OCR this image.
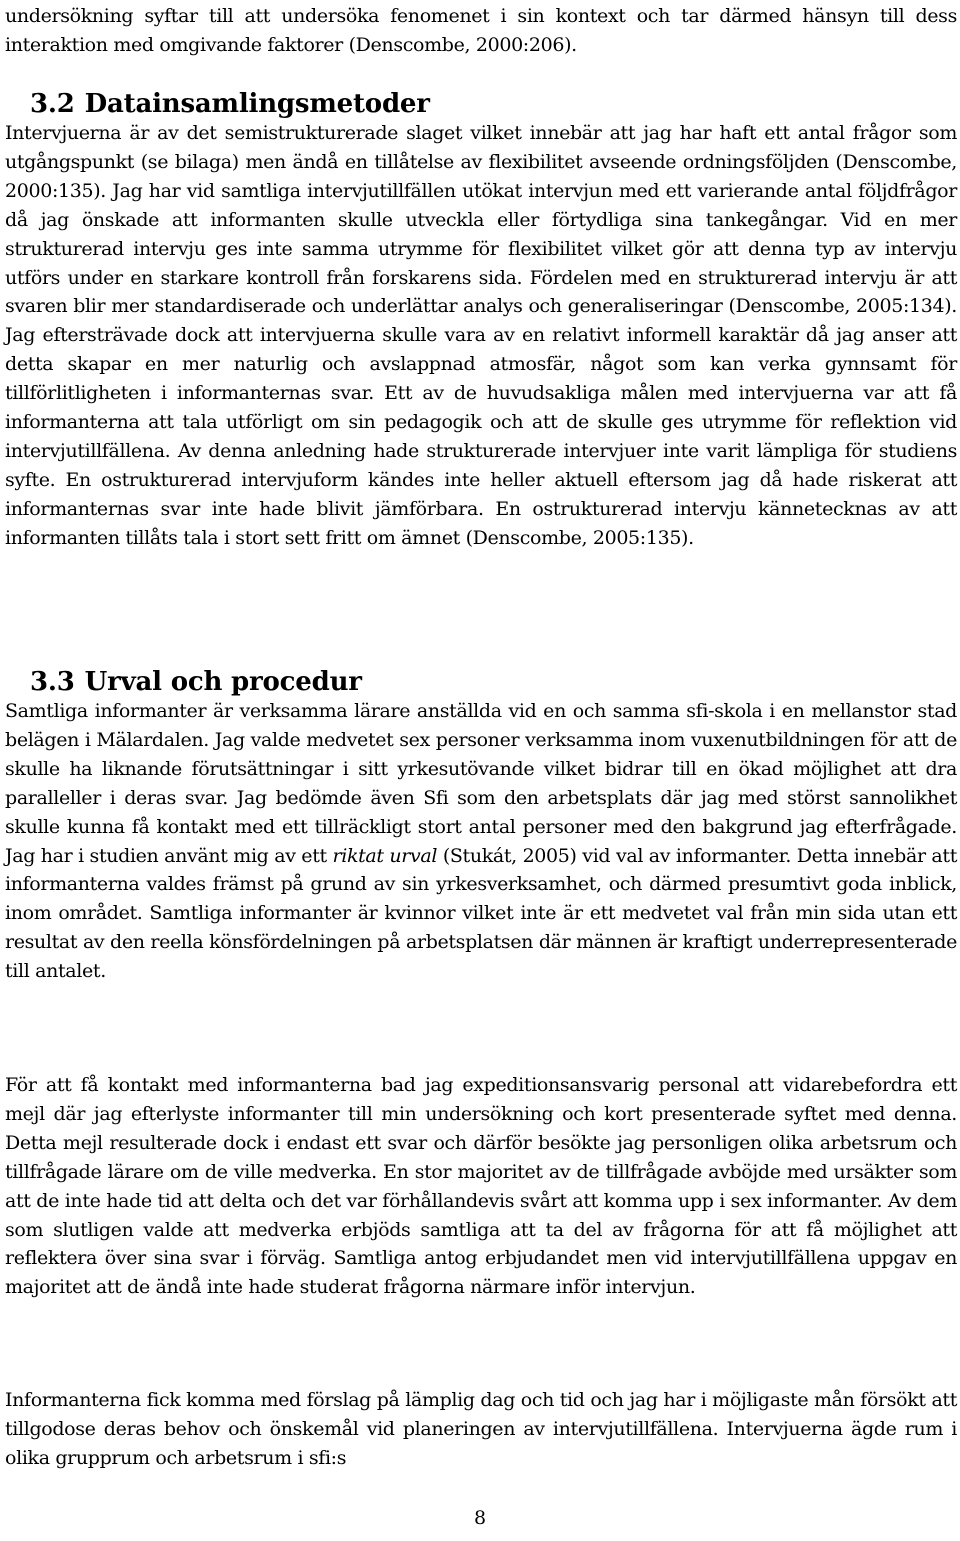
undersökning syftar till att undersöka fenomenet i sin kontext och tar därmed hänsyn till dess interaktion med omgivande faktorer (Denscombe, 2000:206).

3.2 Datainsamlingsmetoder

Intervjuerna är av det semistrukturerade slaget vilket innebär att jag har haft ett antal frågor som utgångspunkt (se bilaga) men ändå en tillåtelse av flexibilitet avseende ordningsföljden (Denscombe, 2000:135). Jag har vid samtliga intervjutillfällen utökat intervjun med ett varierande antal följdfrågor då jag önskade att informanten skulle utveckla eller förtydliga sina tankegångar. Vid en mer strukturerad intervju ges inte samma utrymme för flexibilitet vilket gör att denna typ av intervju utförs under en starkare kontroll från forskarens sida. Fördelen med en strukturerad intervju är att svaren blir mer standardiserade och underlättar analys och generaliseringar (Denscombe, 2005:134). Jag eftersträvade dock att intervjuerna skulle vara av en relativt informell karaktär då jag anser att detta skapar en mer naturlig och avslappnad atmosfär, något som kan verka gynnsamt för tillförlitligheten i informanternas svar. Ett av de huvudsakliga målen med intervjuerna var att få informanterna att tala utförligt om sin pedagogik och att de skulle ges utrymme för reflektion vid intervjutillfällena. Av denna anledning hade strukturerade intervjuer inte varit lämpliga för studiens syfte. En ostrukturerad intervjuform kändes inte heller aktuell eftersom jag då hade riskerat att informanternas svar inte hade blivit jämförbara. En ostrukturerad intervju kännetecknas av att informanten tillåts tala i stort sett fritt om ämnet (Denscombe, 2005:135).

3.3 Urval och procedur

Samtliga informanter är verksamma lärare anställda vid en och samma sfi-skola i en mellanstor stad belägen i Mälardalen. Jag valde medvetet sex personer verksamma inom vuxenutbildningen för att de skulle ha liknande förutsättningar i sitt yrkesutövande vilket bidrar till en ökad möjlighet att dra paralleller i deras svar. Jag bedömde även Sfi som den arbetsplats där jag med störst sannolikhet skulle kunna få kontakt med ett tillräckligt stort antal personer med den bakgrund jag efterfrågade. Jag har i studien använt mig av ett riktat urval (Stukát, 2005) vid val av informanter. Detta innebär att informanterna valdes främst på grund av sin yrkesverksamhet, och därmed presumtivt goda inblick, inom området. Samtliga informanter är kvinnor vilket inte är ett medvetet val från min sida utan ett resultat av den reella könsfördelningen på arbetsplatsen där männen är kraftigt underrepresenterade till antalet.

För att få kontakt med informanterna bad jag expeditionsansvarig personal att vidarebefordra ett mejl där jag efterlyste informanter till min undersökning och kort presenterade syftet med denna. Detta mejl resulterade dock i endast ett svar och därför besökte jag personligen olika arbetsrum och tillfrågade lärare om de ville medverka. En stor majoritet av de tillfrågade avböjde med ursäkter som att de inte hade tid att delta och det var förhållandevis svårt att komma upp i sex informanter. Av dem som slutligen valde att medverka erbjöds samtliga att ta del av frågorna för att få möjlighet att reflektera över sina svar i förväg. Samtliga antog erbjudandet men vid intervjutillfällena uppgav en majoritet att de ändå inte hade studerat frågorna närmare inför intervjun.

Informanterna fick komma med förslag på lämplig dag och tid och jag har i möjligaste mån försökt att tillgodose deras behov och önskemål vid planeringen av intervjutillfällena. Intervjuerna ägde rum i olika grupprum och arbetsrum i sfi:s

8
